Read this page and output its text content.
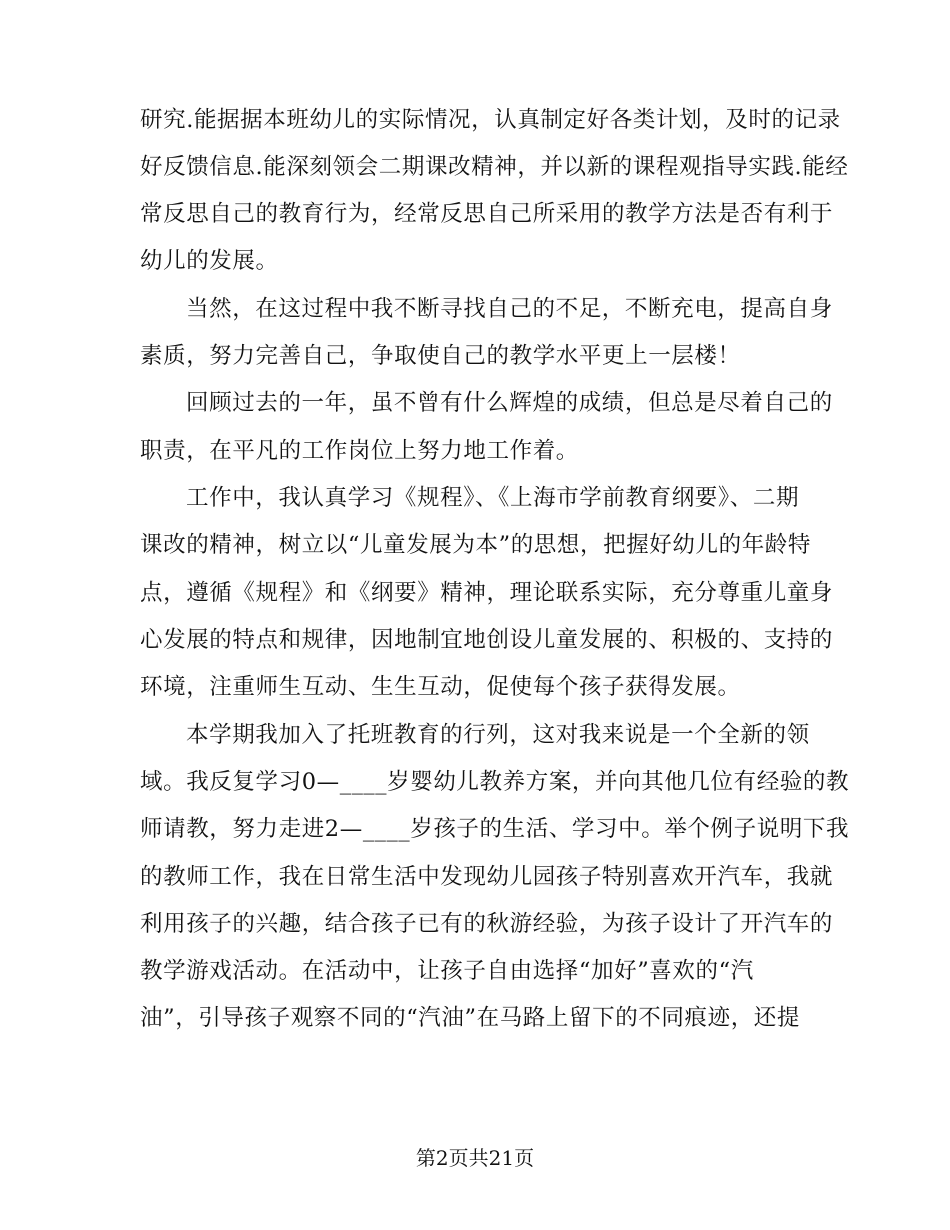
研究.能据据本班幼儿的实际情况，认真制定好各类计划，及时的记录
好反馈信息.能深刻领会二期课改精神，并以新的课程观指导实践.能经
常反思自己的教育行为，经常反思自己所采用的教学方法是否有利于
幼儿的发展。
当然，在这过程中我不断寻找自己的不足，不断充电，提高自身
素质，努力完善自己，争取使自己的教学水平更上一层楼！
回顾过去的一年，虽不曾有什么辉煌的成绩，但总是尽着自己的
职责，在平凡的工作岗位上努力地工作着。
工作中，我认真学习《规程》、《上海市学前教育纲要》、二期
课改的精神，树立以“儿童发展为本”的思想，把握好幼儿的年龄特
点，遵循《规程》和《纲要》精神，理论联系实际，充分尊重儿童身
心发展的特点和规律，因地制宜地创设儿童发展的、积极的、支持的
环境，注重师生互动、生生互动，促使每个孩子获得发展。
本学期我加入了托班教育的行列，这对我来说是一个全新的领
域。我反复学习0—____岁婴幼儿教养方案，并向其他几位有经验的教
师请教，努力走进2—____岁孩子的生活、学习中。举个例子说明下我
的教师工作，我在日常生活中发现幼儿园孩子特别喜欢开汽车，我就
利用孩子的兴趣，结合孩子已有的秋游经验，为孩子设计了开汽车的
教学游戏活动。在活动中，让孩子自由选择“加好”喜欢的“汽
油”，引导孩子观察不同的“汽油”在马路上留下的不同痕迹，还提
第2页共21页
